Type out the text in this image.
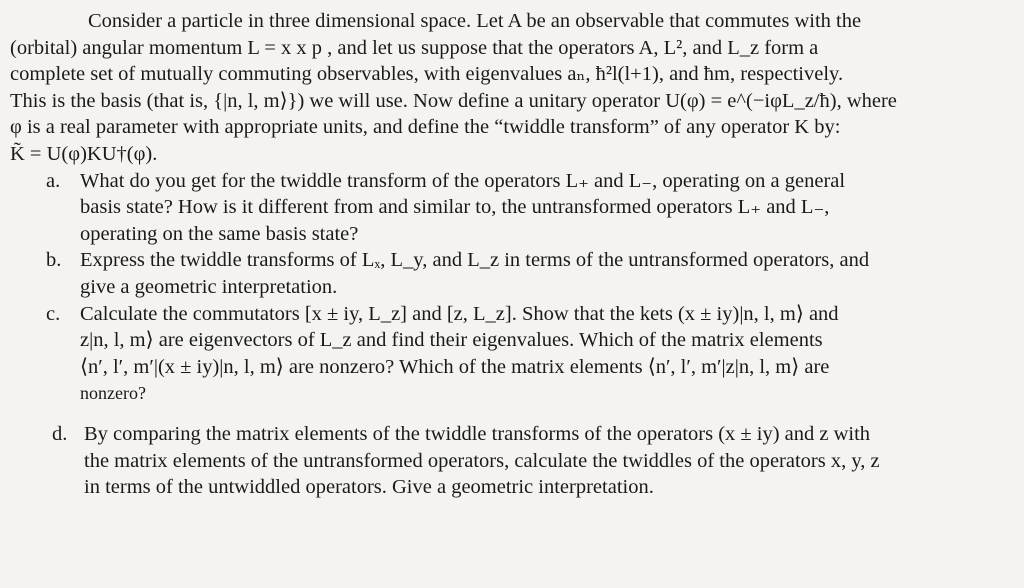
Consider a particle in three dimensional space. Let A be an observable that commutes with the

(orbital) angular momentum L = x x p , and let us suppose that the operators A, L², and L_z form a

complete set of mutually commuting observables, with eigenvalues aₙ, ħ²l(l+1), and ħm, respectively.

This is the basis (that is, {|n, l, m⟩}) we will use. Now define a unitary operator U(φ) = e^(−iφL_z/ħ), where

φ is a real parameter with appropriate units, and define the “twiddle transform” of any operator K by:

K̃ = U(φ)KU†(φ).

a. What do you get for the twiddle transform of the operators L₊ and L₋, operating on a general
basis state? How is it different from and similar to, the untransformed operators L₊ and L₋,
operating on the same basis state?
b. Express the twiddle transforms of Lₓ, L_y, and L_z in terms of the untransformed operators, and
give a geometric interpretation.
c. Calculate the commutators [x ± iy, L_z] and [z, L_z]. Show that the kets (x ± iy)|n, l, m⟩ and
z|n, l, m⟩ are eigenvectors of L_z and find their eigenvalues. Which of the matrix elements
⟨n′, l′, m′|(x ± iy)|n, l, m⟩ are nonzero? Which of the matrix elements ⟨n′, l′, m′|z|n, l, m⟩ are
nonzero?
d. By comparing the matrix elements of the twiddle transforms of the operators (x ± iy) and z with
the matrix elements of the untransformed operators, calculate the twiddles of the operators x, y, z
in terms of the untwiddled operators. Give a geometric interpretation.
